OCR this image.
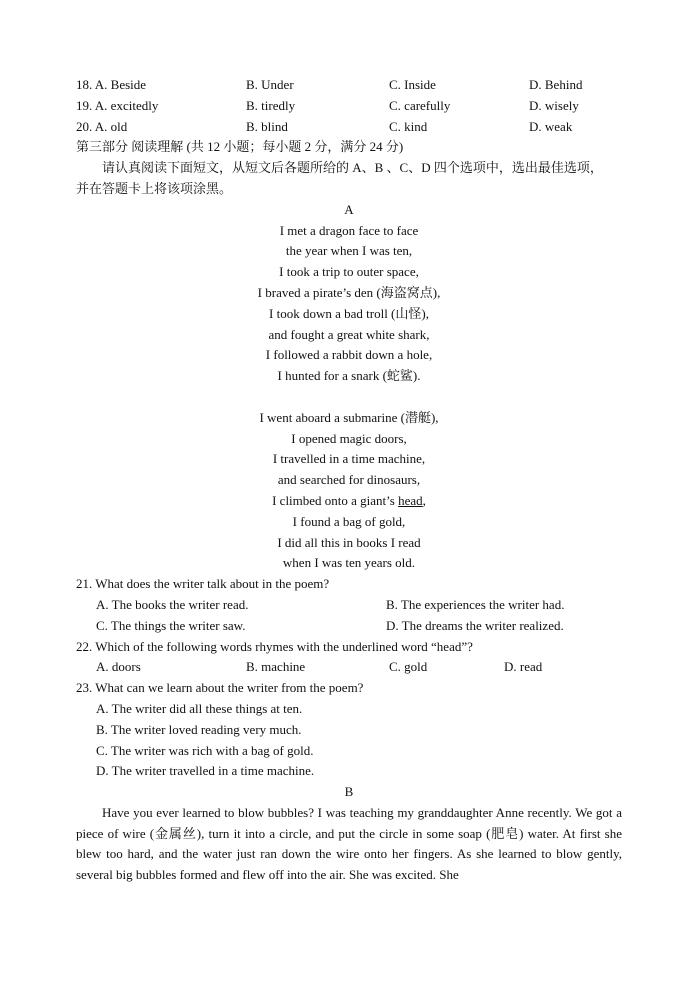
18. A. Beside	B. Under	C. Inside	D. Behind
19. A. excitedly	B. tiredly	C. carefully	D. wisely
20. A. old	B. blind	C. kind	D. weak
第三部分 阅读理解 (共 12 小题；每小题 2 分，满分 24 分)
请认真阅读下面短文，从短文后各题所给的 A、B 、C、D 四个选项中，选出最佳选项，
并在答题卡上将该项涂黑。
A
I met a dragon face to face
the year when I was ten,
I took a trip to outer space,
I braved a pirate’s den (海盗窝点),
I took down a bad troll (山怪),
and fought a great white shark,
I followed a rabbit down a hole,
I hunted for a snark (蛇鲨).
I went aboard a submarine (潜艇),
I opened magic doors,
I travelled in a time machine,
and searched for dinosaurs,
I climbed onto a giant’s head,
I found a bag of gold,
I did all this in books I read
when I was ten years old.
21. What does the writer talk about in the poem?
A. The books the writer read.	B. The experiences the writer had.
C. The things the writer saw.	D. The dreams the writer realized.
22. Which of the following words rhymes with the underlined word “head”?
A. doors	B. machine	C. gold	D. read
23. What can we learn about the writer from the poem?
A. The writer did all these things at ten.
B. The writer loved reading very much.
C. The writer was rich with a bag of gold.
D. The writer travelled in a time machine.
B
Have you ever learned to blow bubbles? I was teaching my granddaughter Anne recently. We got a piece of wire (金属丝), turn it into a circle, and put the circle in some soap (肥皂) water. At first she blew too hard, and the water just ran down the wire onto her fingers. As she learned to blow gently, several big bubbles formed and flew off into the air. She was excited. She
